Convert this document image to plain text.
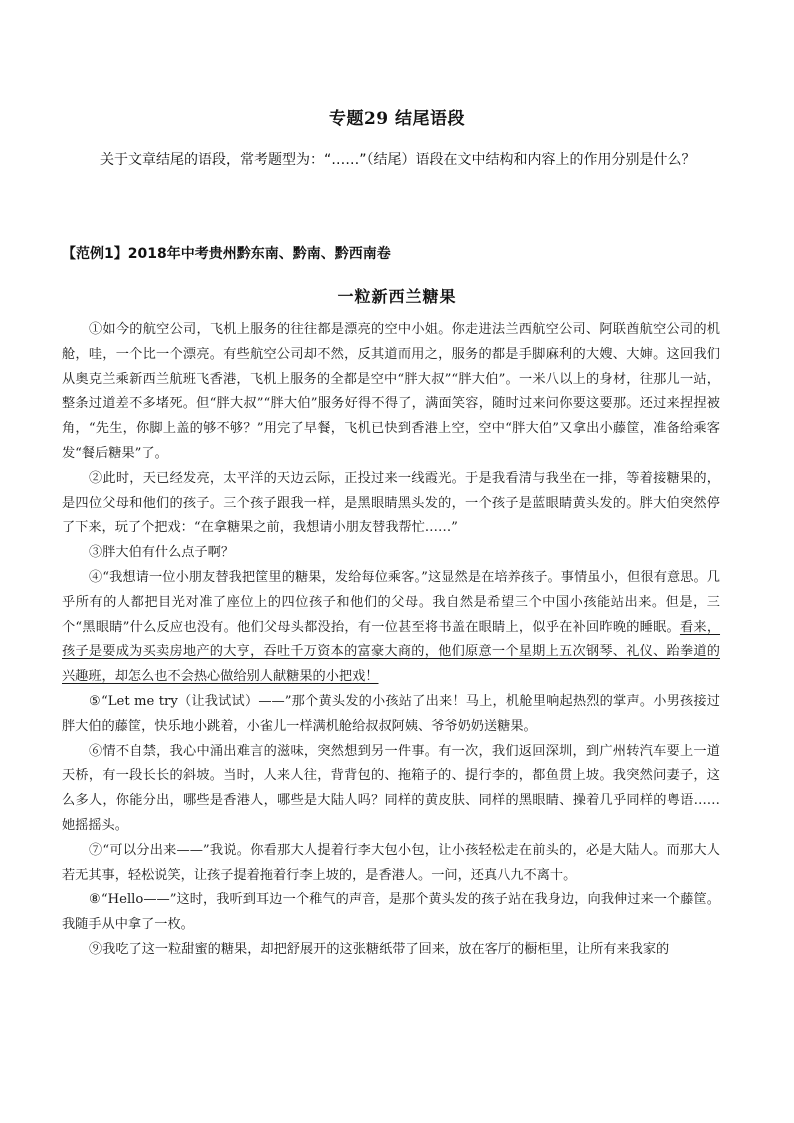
专题29 结尾语段
关于文章结尾的语段，常考题型为：“……”（结尾）语段在文中结构和内容上的作用分别是什么？
【范例1】2018年中考贵州黔东南、黔南、黔西南卷
一粒新西兰糖果

①如今的航空公司，飞机上服务的往往都是漂亮的空中小姐。你走进法兰西航空公司、阿联酋航空公司的机舱，哇，一个比一个漂亮。有些航空公司却不然，反其道而用之，服务的都是手脚麻利的大嫂、大婶。这回我们从奥克兰乘新西兰航班飞香港，飞机上服务的全都是空中“胖大叔”“胖大伯”。一米八以上的身材，往那儿一站，整条过道差不多堵死。但“胖大叔”“胖大伯”服务好得不得了，满面笑容，随时过来问你要这要那。还过来捏捏被角，“先生，你脚上盖的够不够？”用完了早餐，飞机已快到香港上空，空中“胖大伯”又拿出小藤筐，准备给乘客发“餐后糖果”了。

②此时，天已经发亮，太平洋的天边云际，正投过来一线霞光。于是我看清与我坐在一排，等着接糖果的，是四位父母和他们的孩子。三个孩子跟我一样，是黑眼睛黑头发的，一个孩子是蓝眼睛黄头发的。胖大伯突然停了下来，玩了个把戏：“在拿糖果之前，我想请小朋友替我帮忙……”

③胖大伯有什么点子啊？

④“我想请一位小朋友替我把筐里的糖果，发给每位乘客。”这显然是在培养孩子。事情虽小，但很有意思。几乎所有的人都把目光对准了座位上的四位孩子和他们的父母。我自然是希望三个中国小孩能站出来。但是，三个“黑眼睛”什么反应也没有。他们父母头都没抬，有一位甚至将书盖在眼睛上，似乎在补回昨晚的睡眠。看来，孩子是要成为买卖房地产的大亨，吞吐千万资本的富豪大商的，他们原意一个星期上五次钢琴、礼仪、跆拳道的兴趣班，却怎么也不会热心做给别人献糖果的小把戏！

⑤“Let me try（让我试试）——”那个黄头发的小孩站了出来！马上，机舱里响起热烈的掌声。小男孩接过胖大伯的藤筐，快乐地小跳着，小雀儿一样满机舱给叔叔阿姨、爷爷奶奶送糖果。

⑥情不自禁，我心中涌出难言的滋味，突然想到另一件事。有一次，我们返回深圳，到广州转汽车要上一道天桥，有一段长长的斜坡。当时，人来人往，背背包的、拖箱子的、提行李的，都鱼贯上坡。我突然问妻子，这么多人，你能分出，哪些是香港人，哪些是大陆人吗？同样的黄皮肤、同样的黑眼睛、操着几乎同样的粤语……她摇摇头。

⑦“可以分出来——”我说。你看那大人提着行李大包小包，让小孩轻松走在前头的，必是大陆人。而那大人若无其事，轻松说笑，让孩子提着拖着行李上坡的，是香港人。一问，还真八九不离十。

⑧“Hello——”这时，我听到耳边一个稚气的声音，是那个黄头发的孩子站在我身边，向我伸过来一个藤筐。我随手从中拿了一枚。

⑨我吃了这一粒甜蜜的糖果，却把舒展开的这张糖纸带了回来，放在客厅的橱柜里，让所有来我家的
